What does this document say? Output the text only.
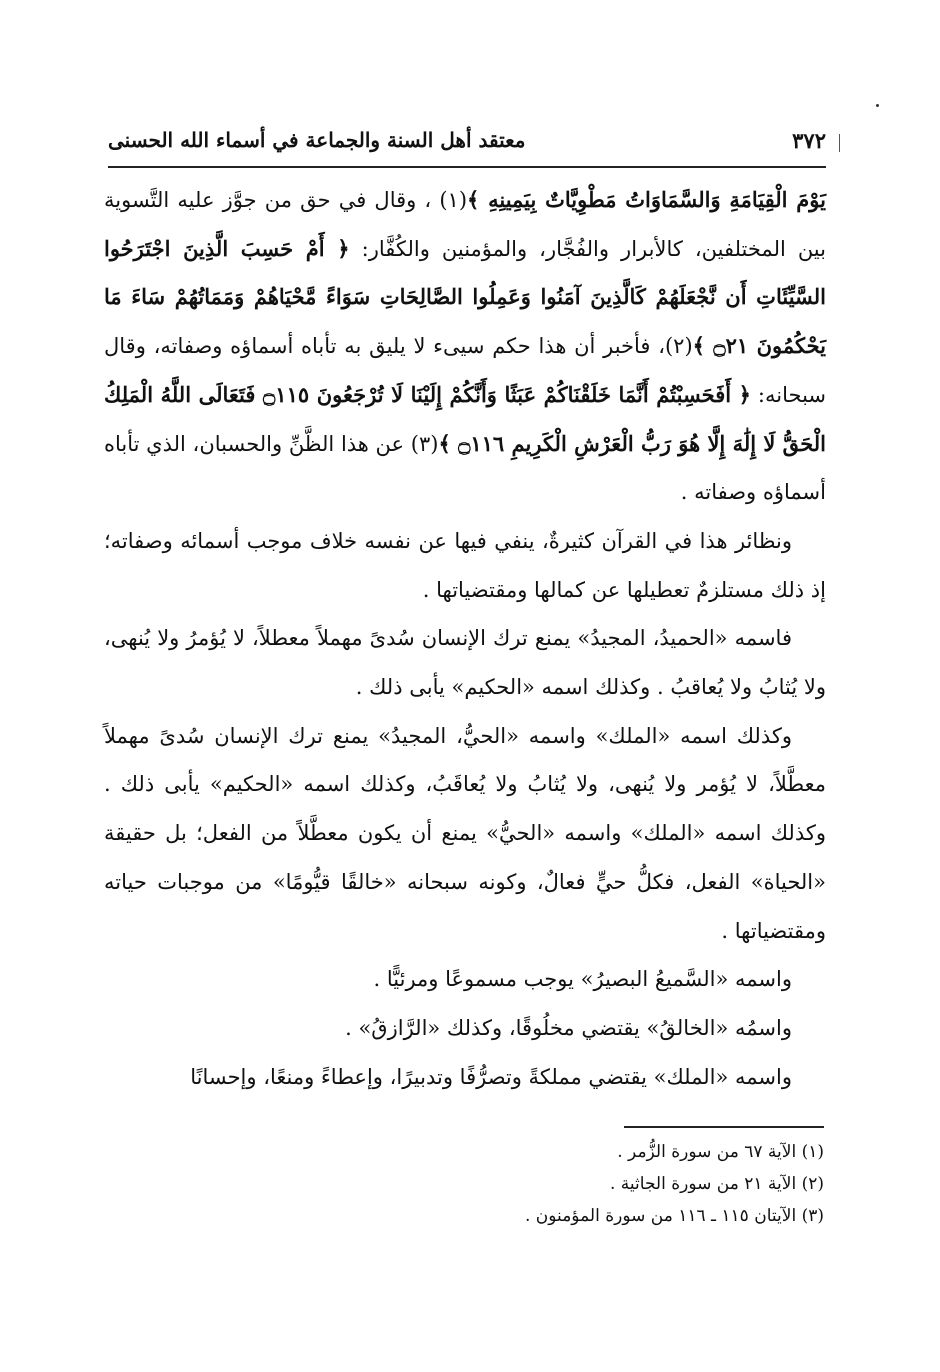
٣٧٢
معتقد أهل السنة والجماعة في أسماء الله الحسنى

يَوْمَ الْقِيَامَةِ وَالسَّمَاوَاتُ مَطْوِيَّاتٌ بِيَمِينِهِ ﴾(١) ، وقال في حق من جوَّز عليه التَّسوية بين المختلفين، كالأبرار والفُجَّار، والمؤمنين والكُفَّار: ﴿ أَمْ حَسِبَ الَّذِينَ اجْتَرَحُوا السَّيِّئَاتِ أَن نَّجْعَلَهُمْ كَالَّذِينَ آمَنُوا وَعَمِلُوا الصَّالِحَاتِ سَوَاءً مَّحْيَاهُمْ وَمَمَاتُهُمْ سَاءَ مَا يَحْكُمُونَ ۝٢١ ﴾(٢)، فأخبر أن هذا حكم سيىء لا يليق به تأباه أسماؤه وصفاته، وقال سبحانه: ﴿ أَفَحَسِبْتُمْ أَنَّمَا خَلَقْنَاكُمْ عَبَثًا وَأَنَّكُمْ إِلَيْنَا لَا تُرْجَعُونَ ۝١١٥ فَتَعَالَى اللَّهُ الْمَلِكُ الْحَقُّ لَا إِلَٰهَ إِلَّا هُوَ رَبُّ الْعَرْشِ الْكَرِيمِ ۝١١٦ ﴾(٣) عن هذا الظَّنِّ والحسبان، الذي تأباه أسماؤه وصفاته .

ونظائر هذا في القرآن كثيرةٌ، ينفي فيها عن نفسه خلاف موجب أسمائه وصفاته؛ إذ ذلك مستلزمٌ تعطيلها عن كمالها ومقتضياتها .

فاسمه «الحميدُ، المجيدُ» يمنع ترك الإنسان سُدىً مهملاً معطلاً، لا يُؤمرُ ولا يُنهى، ولا يُثابُ ولا يُعاقبُ . وكذلك اسمه «الحكيم» يأبى ذلك .

وكذلك اسمه «الملك» واسمه «الحيُّ، المجيدُ» يمنع ترك الإنسان سُدىً مهملاً معطَّلاً، لا يُؤمر ولا يُنهى، ولا يُثابُ ولا يُعاقَبُ، وكذلك اسمه «الحكيم» يأبى ذلك . وكذلك اسمه «الملك» واسمه «الحيُّ» يمنع أن يكون معطَّلاً من الفعل؛ بل حقيقة «الحياة» الفعل، فكلُّ حيٍّ فعالٌ، وكونه سبحانه «خالقًا قيُّومًا» من موجبات حياته ومقتضياتها .

واسمه «السَّميعُ البصيرُ» يوجب مسموعًا ومرئيًّا .

واسمُه «الخالقُ» يقتضي مخلُوقًا، وكذلك «الرَّازقُ» .

واسمه «الملك» يقتضي مملكةً وتصرُّفًا وتدبيرًا، وإعطاءً ومنعًا، وإحسانًا

(١) الآية ٦٧ من سورة الزُّمر .
(٢) الآية ٢١ من سورة الجاثية .
(٣) الآيتان ١١٥ ـ ١١٦ من سورة المؤمنون .
